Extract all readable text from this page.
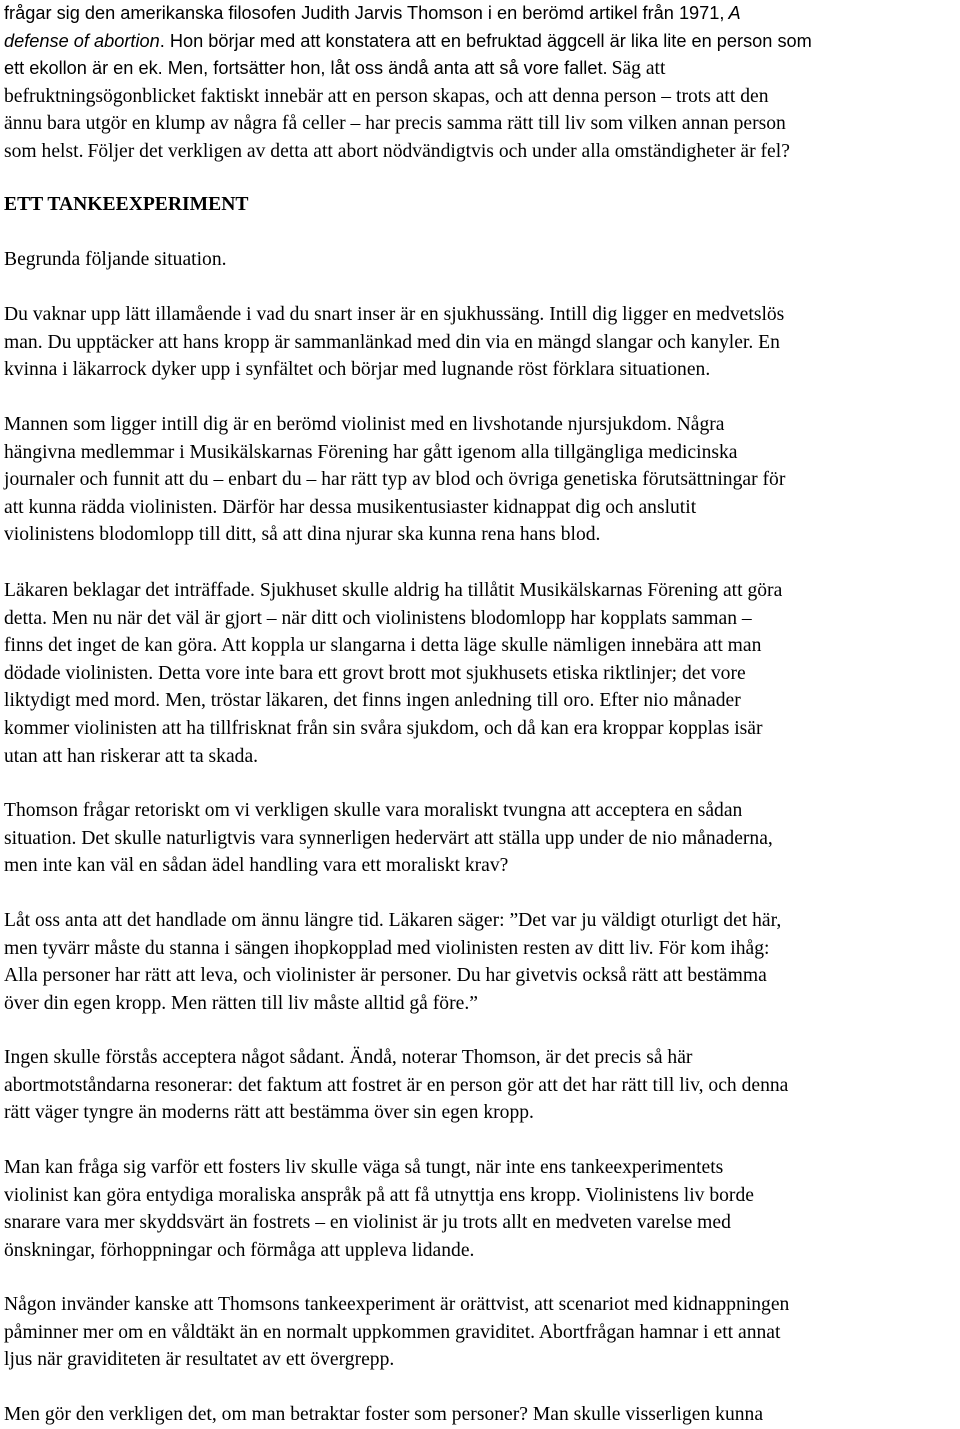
frågar sig den amerikanska filosofen Judith Jarvis Thomson i en berömd artikel från 1971, A
defense of abortion. Hon börjar med att konstatera att en befruktad äggcell är lika lite en person som
ett ekollon är en ek. Men, fortsätter hon, låt oss ändå anta att så vore fallet. Säg att
befruktningsögonblicket faktiskt innebär att en person skapas, och att denna person – trots att den
ännu bara utgör en klump av några få celler – har precis samma rätt till liv som vilken annan person
som helst. Följer det verkligen av detta att abort nödvändigtvis och under alla omständigheter är fel?
ETT TANKEEXPERIMENT
Begrunda följande situation.
Du vaknar upp lätt illamående i vad du snart inser är en sjukhussäng. Intill dig ligger en medvetslös
man. Du upptäcker att hans kropp är sammanlänkad med din via en mängd slangar och kanyler. En
kvinna i läkarrock dyker upp i synfältet och börjar med lugnande röst förklara situationen.
Mannen som ligger intill dig är en berömd violinist med en livshotande njursjukdom. Några
hängivna medlemmar i Musikälskarnas Förening har gått igenom alla tillgängliga medicinska
journaler och funnit att du – enbart du – har rätt typ av blod och övriga genetiska förutsättningar för
att kunna rädda violinisten. Därför har dessa musikentusiaster kidnappat dig och anslutit
violinistens blodomlopp till ditt, så att dina njurar ska kunna rena hans blod.
Läkaren beklagar det inträffade. Sjukhuset skulle aldrig ha tillåtit Musikälskarnas Förening att göra
detta. Men nu när det väl är gjort – när ditt och violinistens blodomlopp har kopplats samman –
finns det inget de kan göra. Att koppla ur slangarna i detta läge skulle nämligen innebära att man
dödade violinisten. Detta vore inte bara ett grovt brott mot sjukhusets etiska riktlinjer; det vore
liktydigt med mord. Men, tröstar läkaren, det finns ingen anledning till oro. Efter nio månader
kommer violinisten att ha tillfrisknat från sin svåra sjukdom, och då kan era kroppar kopplas isär
utan att han riskerar att ta skada.
Thomson frågar retoriskt om vi verkligen skulle vara moraliskt tvungna att acceptera en sådan
situation. Det skulle naturligtvis vara synnerligen hedervärt att ställa upp under de nio månaderna,
men inte kan väl en sådan ädel handling vara ett moraliskt krav?
Låt oss anta att det handlade om ännu längre tid. Läkaren säger: ”Det var ju väldigt oturligt det här,
men tyvärr måste du stanna i sängen ihopkopplad med violinisten resten av ditt liv. För kom ihåg:
Alla personer har rätt att leva, och violinister är personer. Du har givetvis också rätt att bestämma
över din egen kropp. Men rätten till liv måste alltid gå före.”
Ingen skulle förstås acceptera något sådant. Ändå, noterar Thomson, är det precis så här
abortmotståndarna resonerar: det faktum att fostret är en person gör att det har rätt till liv, och denna
rätt väger tyngre än moderns rätt att bestämma över sin egen kropp.
Man kan fråga sig varför ett fosters liv skulle väga så tungt, när inte ens tankeexperimentets
violinist kan göra entydiga moraliska anspråk på att få utnyttja ens kropp. Violinistens liv borde
snarare vara mer skyddsvärt än fostrets – en violinist är ju trots allt en medveten varelse med
önskningar, förhoppningar och förmåga att uppleva lidande.
Någon invänder kanske att Thomsons tankeexperiment är orättvist, att scenariot med kidnappningen
påminner mer om en våldtäkt än en normalt uppkommen graviditet. Abortfrågan hamnar i ett annat
ljus när graviditeten är resultatet av ett övergrepp.
Men gör den verkligen det, om man betraktar foster som personer? Man skulle visserligen kunna
